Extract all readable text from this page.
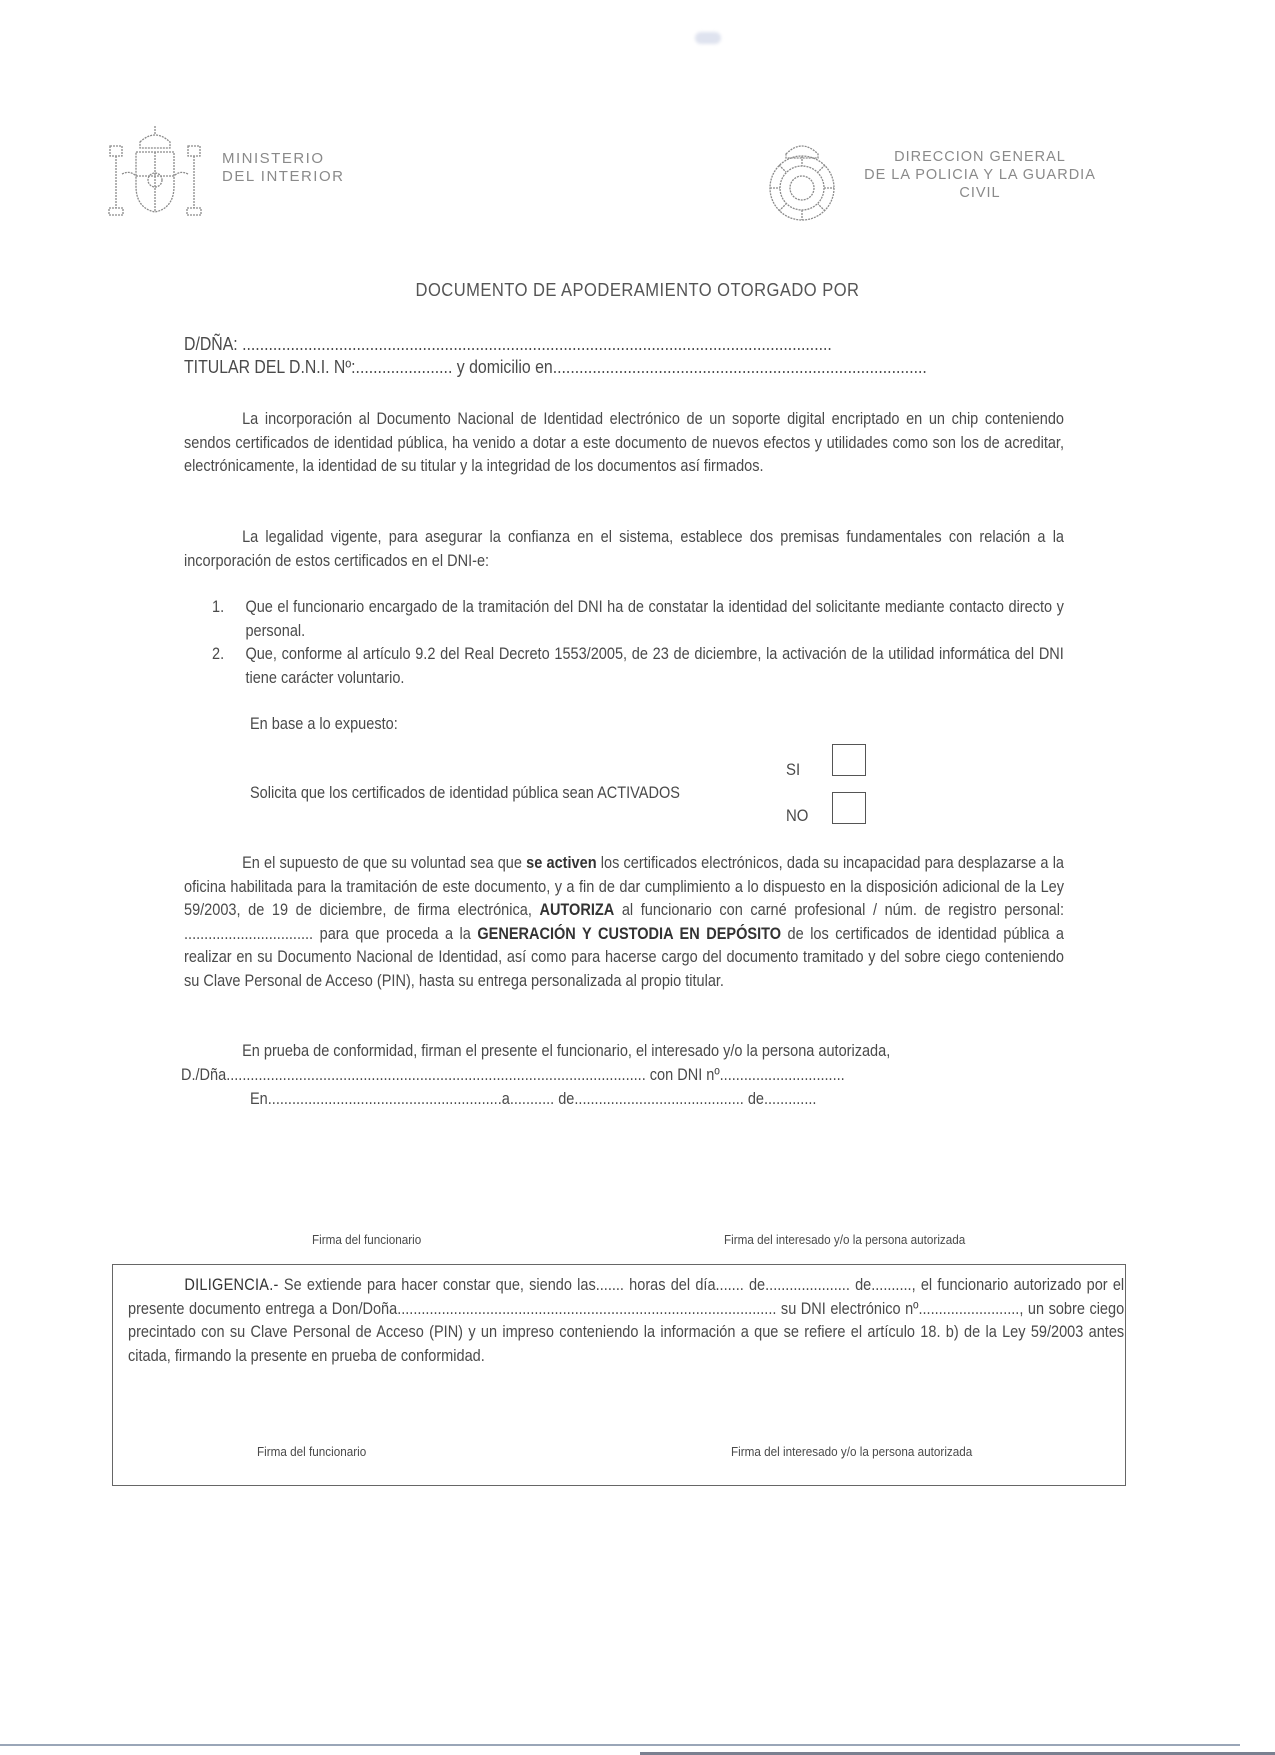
MINISTERIO
DEL INTERIOR
DIRECCION GENERAL
DE LA POLICIA Y LA GUARDIA CIVIL
DOCUMENTO DE APODERAMIENTO OTORGADO POR
D/DÑA: ......................................................................................................................................
TITULAR DEL D.N.I. Nº:...................... y domicilio en.....................................................................................
La incorporación al Documento Nacional de Identidad electrónico de un soporte digital encriptado en un chip conteniendo sendos certificados de identidad pública, ha venido a dotar a este documento de nuevos efectos y utilidades como son los de acreditar, electrónicamente, la identidad de su titular y la integridad de los documentos así firmados.
La legalidad vigente, para asegurar la confianza en el sistema, establece dos premisas fundamentales con relación a la incorporación de estos certificados en el DNI-e:
1.	Que el funcionario encargado de la tramitación del DNI ha de constatar la identidad del solicitante mediante contacto directo y personal.
2.	Que, conforme al artículo 9.2 del Real Decreto 1553/2005, de 23 de diciembre, la activación de la utilidad informática del DNI tiene carácter voluntario.
En base a lo expuesto:
Solicita que los certificados de identidad pública sean ACTIVADOS
SI
NO
En el supuesto de que su voluntad sea que se activen los certificados electrónicos, dada su incapacidad para desplazarse a la oficina habilitada para la tramitación de este documento, y a fin de dar cumplimiento a lo dispuesto en la disposición adicional de la Ley 59/2003, de 19 de diciembre, de firma electrónica, AUTORIZA al funcionario con carné profesional / núm. de registro personal: ................................ para que proceda a la GENERACIÓN Y CUSTODIA EN DEPÓSITO de los certificados de identidad pública a realizar en su Documento Nacional de Identidad, así como para hacerse cargo del documento tramitado y del sobre ciego conteniendo su Clave Personal de Acceso (PIN), hasta su entrega personalizada al propio titular.
En prueba de conformidad, firman el presente el funcionario, el interesado y/o la persona autorizada,
D./Dña........................................................................................................ con DNI nº...............................
En..........................................................a........... de.......................................... de.............
Firma del funcionario	Firma del interesado y/o la persona autorizada
DILIGENCIA.- Se extiende para hacer constar que, siendo las....... horas del día....... de..................... de.........., el funcionario autorizado por el presente documento entrega a Don/Doña.............................................................................................. su DNI electrónico nº........................., un sobre ciego precintado con su Clave Personal de Acceso (PIN) y un impreso conteniendo la información a que se refiere el artículo 18. b) de la Ley 59/2003 antes citada, firmando la presente en prueba de conformidad.
Firma del funcionario	Firma del interesado y/o la persona autorizada
